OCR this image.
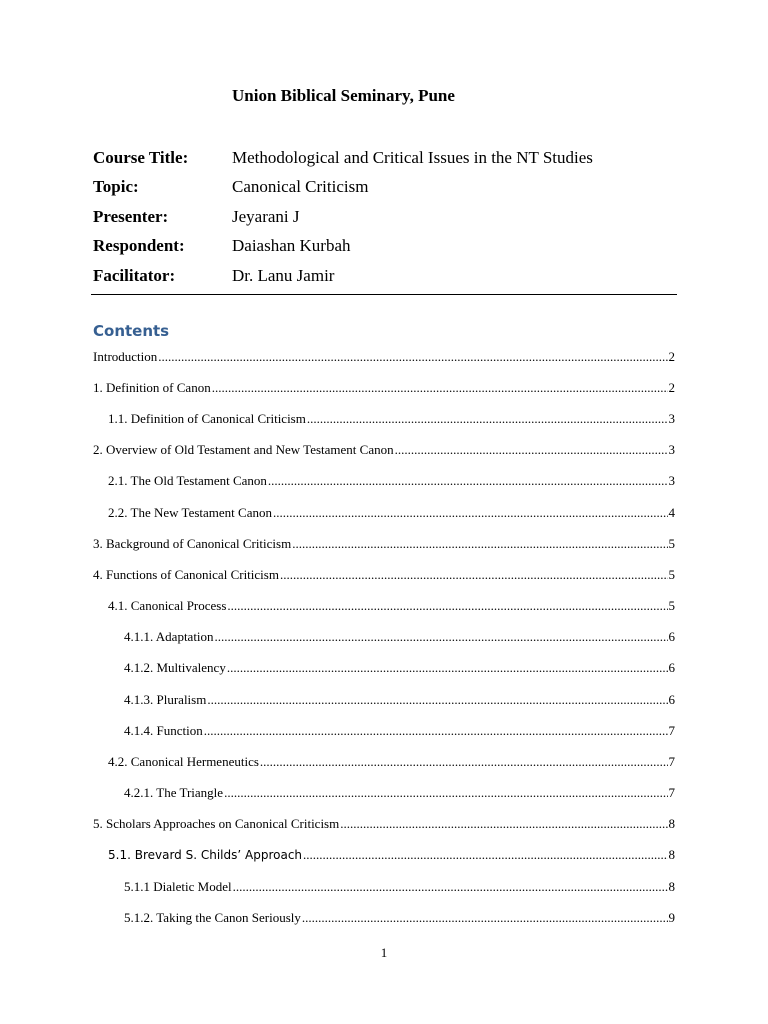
Union Biblical Seminary, Pune
Course Title:	Methodological and Critical Issues in the NT Studies
Topic:	Canonical Criticism
Presenter:	Jeyarani J
Respondent:	Daiashan Kurbah
Facilitator:	Dr. Lanu Jamir
Contents
Introduction .....	2
1. Definition of Canon .....	2
1.1. Definition of Canonical Criticism .....	3
2. Overview of Old Testament and New Testament Canon .....	3
2.1. The Old Testament Canon .....	3
2.2. The New Testament Canon .....	4
3. Background of Canonical Criticism .....	5
4. Functions of Canonical Criticism .....	5
4.1. Canonical Process .....	5
4.1.1. Adaptation .....	6
4.1.2. Multivalency .....	6
4.1.3. Pluralism .....	6
4.1.4. Function .....	7
4.2. Canonical Hermeneutics .....	7
4.2.1. The Triangle .....	7
5. Scholars Approaches on Canonical Criticism .....	8
5.1. Brevard S. Childs’ Approach .....	8
5.1.1 Dialetic Model .....	8
5.1.2. Taking the Canon Seriously .....	9
1
